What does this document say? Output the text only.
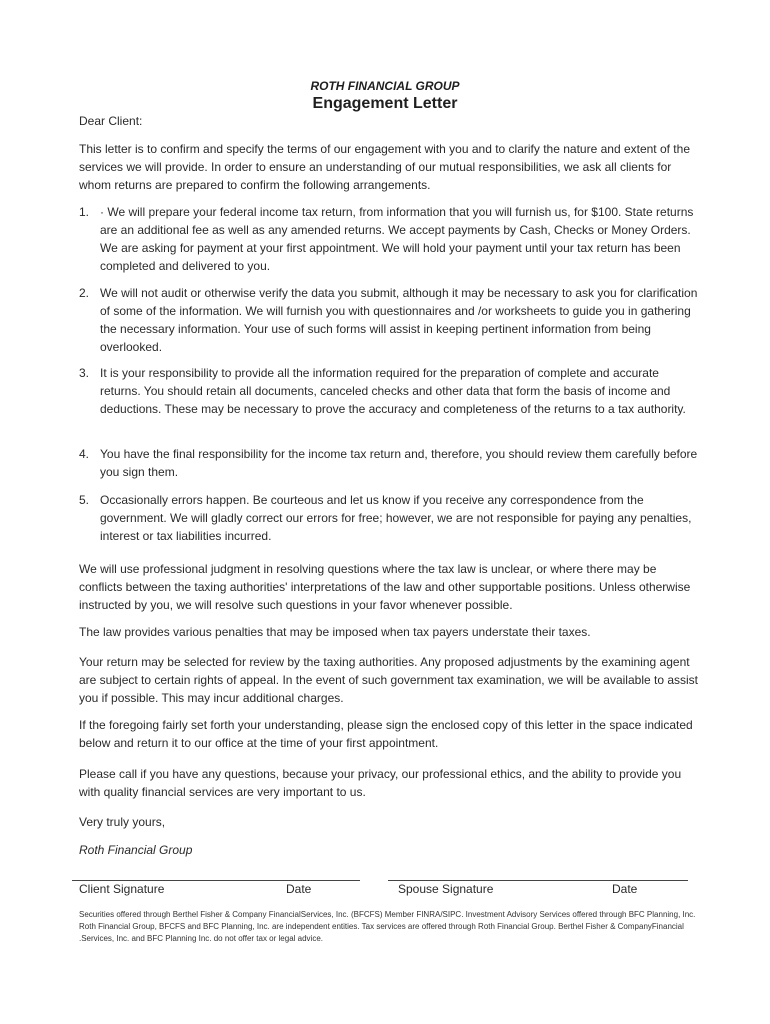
ROTH FINANCIAL GROUP
Engagement Letter

Dear Client:

This letter is to confirm and specify the terms of our engagement with you and to clarify the nature and extent of the services we will provide. In order to ensure an understanding of our mutual responsibilities, we ask all clients for whom returns are prepared to confirm the following arrangements.

1. · We will prepare your federal income tax return, from information that you will furnish us, for $100. State returns are an additional fee as well as any amended returns. We accept payments by Cash, Checks or Money Orders. We are asking for payment at your first appointment. We will hold your payment until your tax return has been completed and delivered to you.
2. We will not audit or otherwise verify the data you submit, although it may be necessary to ask you for clarification of some of the information. We will furnish you with questionnaires and /or worksheets to guide you in gathering the necessary information. Your use of such forms will assist in keeping pertinent information from being overlooked.
3. It is your responsibility to provide all the information required for the preparation of complete and accurate returns. You should retain all documents, canceled checks and other data that form the basis of income and deductions. These may be necessary to prove the accuracy and completeness of the returns to a tax authority.
4. You have the final responsibility for the income tax return and, therefore, you should review them carefully before you sign them.
5. Occasionally errors happen. Be courteous and let us know if you receive any correspondence from the government. We will gladly correct our errors for free; however, we are not responsible for paying any penalties, interest or tax liabilities incurred.

We will use professional judgment in resolving questions where the tax law is unclear, or where there may be conflicts between the taxing authorities' interpretations of the law and other supportable positions. Unless otherwise instructed by you, we will resolve such questions in your favor whenever possible.

The law provides various penalties that may be imposed when tax payers understate their taxes.

Your return may be selected for review by the taxing authorities. Any proposed adjustments by the examining agent are subject to certain rights of appeal. In the event of such government tax examination, we will be available to assist you if possible. This may incur additional charges.

If the foregoing fairly set forth your understanding, please sign the enclosed copy of this letter in the space indicated below and return it to our office at the time of your first appointment.

Please call if you have any questions, because your privacy, our professional ethics, and the ability to provide you with quality financial services are very important to us.

Very truly yours,

Roth Financial Group

Client Signature	Date	Spouse Signature	Date
Securities offered through Berthel Fisher & Company FinancialServices, Inc. (BFCFS) Member FINRA/SIPC. Investment Advisory Services offered through BFC Planning, Inc. Roth Financial Group, BFCFS and BFC Planning, Inc. are independent entities. Tax services are offered through Roth Financial Group. Berthel Fisher & CompanyFinancial .Services, Inc. and BFC Planning Inc. do not offer tax or legal advice.
